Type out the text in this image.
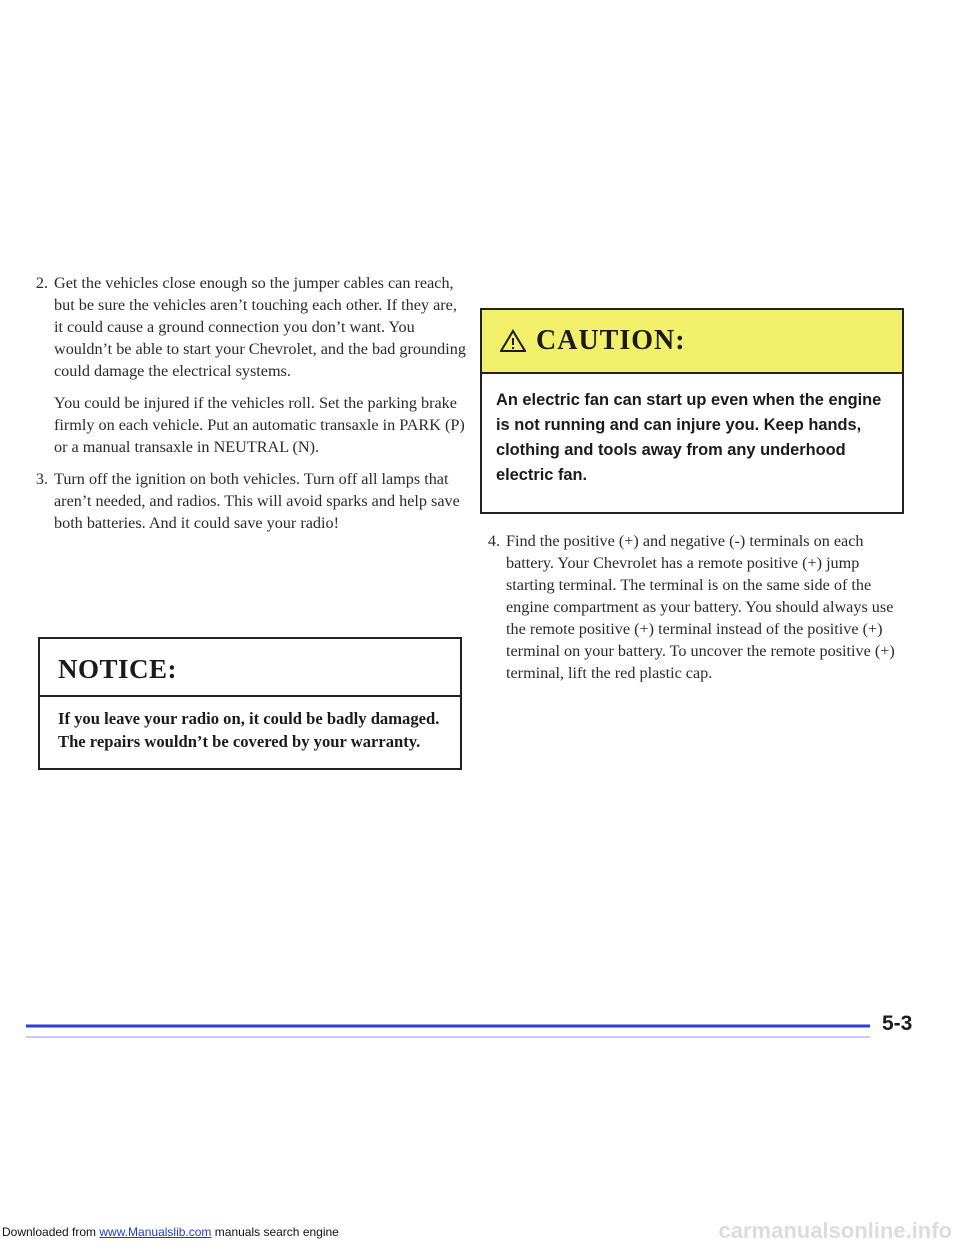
2. Get the vehicles close enough so the jumper cables can reach, but be sure the vehicles aren’t touching each other. If they are, it could cause a ground connection you don’t want. You wouldn’t be able to start your Chevrolet, and the bad grounding could damage the electrical systems.

You could be injured if the vehicles roll. Set the parking brake firmly on each vehicle. Put an automatic transaxle in PARK (P) or a manual transaxle in NEUTRAL (N).

3. Turn off the ignition on both vehicles. Turn off all lamps that aren’t needed, and radios. This will avoid sparks and help save both batteries. And it could save your radio!
NOTICE:
If you leave your radio on, it could be badly damaged. The repairs wouldn’t be covered by your warranty.
CAUTION:
An electric fan can start up even when the engine is not running and can injure you. Keep hands, clothing and tools away from any underhood electric fan.
4. Find the positive (+) and negative (-) terminals on each battery. Your Chevrolet has a remote positive (+) jump starting terminal. The terminal is on the same side of the engine compartment as your battery. You should always use the remote positive (+) terminal instead of the positive (+) terminal on your battery. To uncover the remote positive (+) terminal, lift the red plastic cap.
5-3
Downloaded from www.Manualslib.com manuals search engine	carmanualsonline.info
